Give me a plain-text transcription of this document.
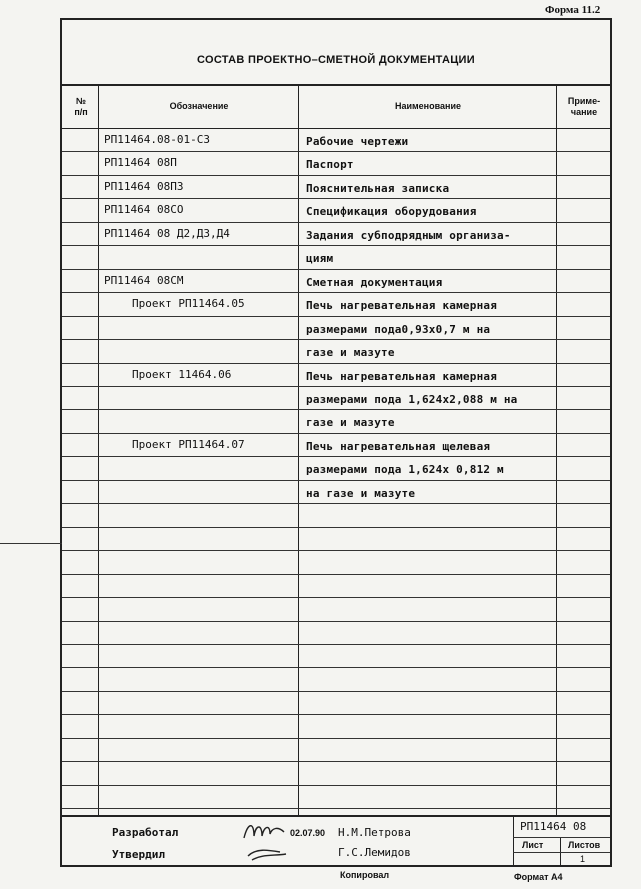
Форма 11.2
СОСТАВ ПРОЕКТНО–СМЕТНОЙ ДОКУМЕНТАЦИИ
№
п/п
Обозначение	Наименование	Приме-
чание
РП11464.08-01-СЗ	Рабочие чертежи
РП11464 08П	Паспорт
РП11464 08ПЗ	Пояснительная записка
РП11464 08СО	Спецификация оборудования
РП11464 08 Д2,ДЗ,Д4	Задания субподрядным организа-
циям
РП11464 08СМ	Сметная документация
Проект РП11464.05	Печь нагревательная камерная
размерами пода0,93х0,7 м на
газе и мазуте
Проект 11464.06	Печь нагревательная камерная
размерами пода 1,624х2,088 м на
газе и мазуте
Проект РП11464.07	Печь нагревательная щелевая
размерами пода 1,624х 0,812 м
на газе и мазуте
Разработал
Утвердил
02.07.90 Н.М.Петрова
Г.С.Лемидов
РП11464 08
Лист	Листов
1
Копировал	Формат А4
